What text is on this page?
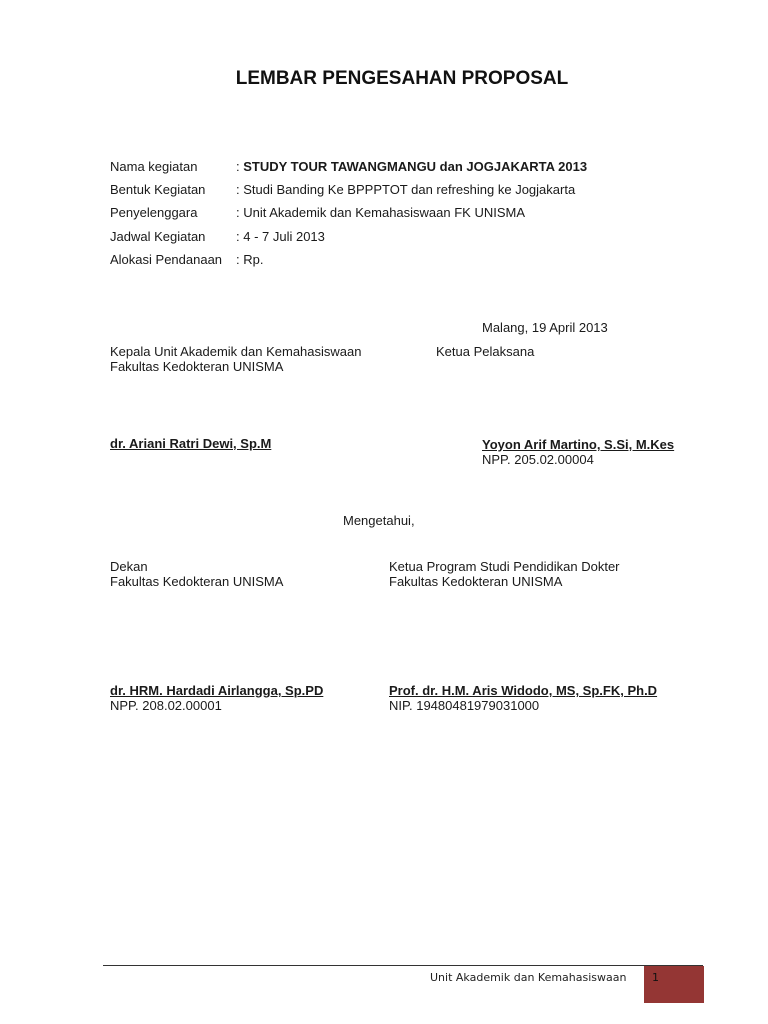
LEMBAR PENGESAHAN PROPOSAL
Nama kegiatan	: STUDY TOUR TAWANGMANGU dan JOGJAKARTA 2013
Bentuk Kegiatan : Studi Banding Ke BPPPTOT dan refreshing ke Jogjakarta
Penyelenggara	: Unit Akademik dan Kemahasiswaan FK UNISMA
Jadwal Kegiatan : 4 - 7 Juli 2013
Alokasi Pendanaan : Rp.
Malang, 19 April 2013
Kepala Unit Akademik dan Kemahasiswaan
Fakultas Kedokteran UNISMA
Ketua Pelaksana
dr. Ariani Ratri Dewi, Sp.M	Yoyon Arif Martino, S.Si, M.Kes
NPP. 205.02.00004
Mengetahui,
Dekan
Fakultas Kedokteran UNISMA
Ketua Program Studi Pendidikan Dokter
Fakultas Kedokteran UNISMA
dr. HRM. Hardadi Airlangga, Sp.PD
NPP. 208.02.00001
Prof. dr. H.M. Aris Widodo, MS, Sp.FK, Ph.D
NIP. 19480481979031000
Unit Akademik dan Kemahasiswaan 1
